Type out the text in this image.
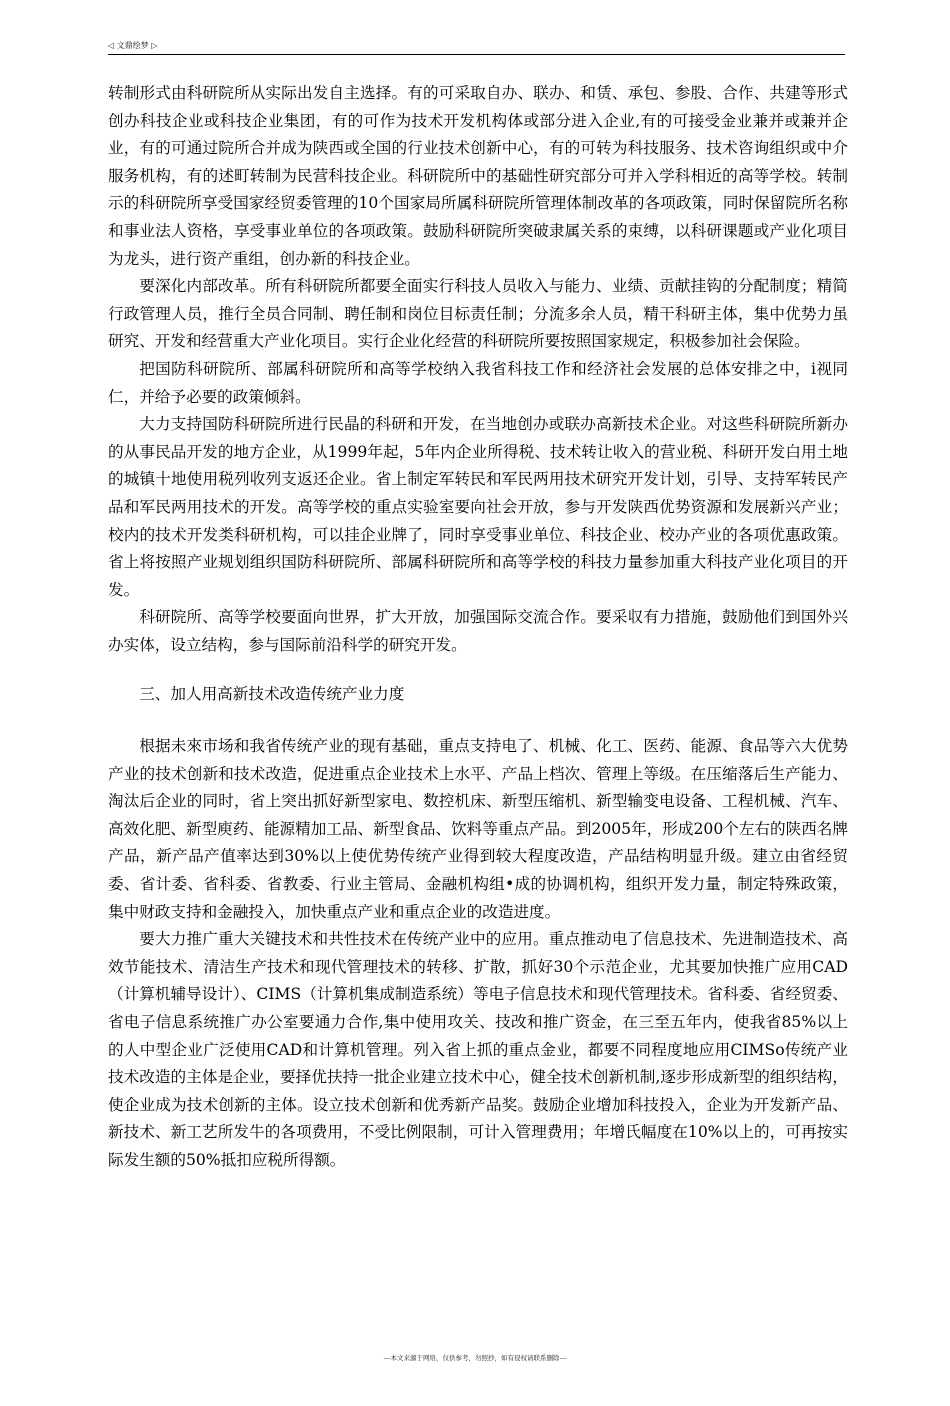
◁ 文鼎绘梦 ▷

转制形式由科研院所从实际出发自主选择。有的可采取自办、联办、和赁、承包、参股、合作、共建等形式创办科技企业或科技企业集团，有的可作为技术开发机构体或部分进入企业,有的可接受金业兼并或兼并企业，有的可通过院所合并成为陕西或全国的行业技术创新中心，有的可转为科技服务、技术咨询组织或中介服务机构，有的述町转制为民营科技企业。科研院所中的基础性研究部分可并入学科相近的高等学校。转制示的科研院所享受国家经贸委管理的10个国家局所属科研院所管理体制改革的各项政策，同时保留院所名称和事业法人资格，享受事业单位的各项政策。鼓励科研院所突破隶属关系的束缚，以科研课题或产业化项目为龙头，进行资产重组，创办新的科技企业。

要深化内部改革。所有科研院所都要全面实行科技人员收入与能力、业绩、贡献挂钩的分配制度；精简行政管理人员，推行全员合同制、聘任制和岗位目标责任制；分流多余人员，精干科研主体，集中优势力虽研究、开发和经营重大产业化项目。实行企业化经营的科研院所要按照国家规定，积极参加社会保险。

把国防科研院所、部属科研院所和高等学校纳入我省科技工作和经济社会发展的总体安排之中，i视同仁，并给予必要的政策倾斜。

大力支持国防科研院所进行民晶的科研和开发，在当地创办或联办高新技术企业。对这些科研院所新办的从事民品开发的地方企业，从1999年起，5年内企业所得税、技术转让收入的营业税、科研开发白用土地的城镇十地使用税列收列支返还企业。省上制定军转民和军民两用技术研究开发计划，引导、支持军转民产品和军民两用技术的开发。高等学校的重点实验室要向社会开放，参与开发陕西优势资源和发展新兴产业；校内的技术开发类科研机构，可以挂企业牌了，同时享受事业单位、科技企业、校办产业的各项优惠政策。省上将按照产业规划组织国防科研院所、部属科研院所和高等学校的科技力量参加重大科技产业化项目的开发。

科研院所、高等学校要面向世界，扩大开放，加强国际交流合作。要采収有力措施，鼓励他们到国外兴办实体，设立结构，参与国际前沿科学的研究开发。

三、加人用高新技术改造传统产业力度

根据未來市场和我省传统产业的现有基础，重点支持电了、机械、化工、医药、能源、食品等六大优势产业的技术创新和技术改造，促进重点企业技术上水平、产品上档次、管理上等级。在压缩落后生产能力、淘汰后企业的同时，省上突出抓好新型家电、数控机床、新型压缩机、新型输变电设备、工程机械、汽车、高效化肥、新型庾药、能源精加工品、新型食品、饮料等重点产品。到2005年，形成200个左右的陕西名牌产品，新产品产值率达到30%以上使优势传统产业得到较大程度改造，产品结构明显升级。建立由省经贸委、省计委、省科委、省教委、行业主管局、金融机构组•成的协调机构，组织开发力量，制定特殊政策，集中财政支持和金融投入，加快重点产业和重点企业的改造进度。

要大力推广重大关键技术和共性技术在传统产业中的应用。重点推动电了信息技术、先进制造技术、高效节能技术、清洁生产技术和现代管理技术的转移、扩散，抓好30个示范企业，尤其要加快推广应用CAD（计算机辅导设计）、CIMS（计算机集成制造系统）等电子信息技术和现代管理技术。省科委、省经贸委、省电子信息系统推广办公室要通力合作,集中使用攻关、技改和推广资金，在三至五年内，使我省85%以上的人中型企业广泛使用CAD和计算机管理。列入省上抓的重点金业，都要不同程度地应用CIMSo传统产业技术改造的主体是企业，要择优扶持一批企业建立技术中心，健全技术创新机制,逐步形成新型的组织结构，使企业成为技术创新的主体。设立技术创新和优秀新产品奖。鼓励企业增加科技投入，企业为开发新产品、新技术、新工艺所发牛的各项费用，不受比例限制，可计入管理费用；年增氏幅度在10%以上的，可再按实际发生额的50%抵扣应税所得额。

---本文来源于网络，仅供参考，勿照抄，如有侵权请联系删除---
